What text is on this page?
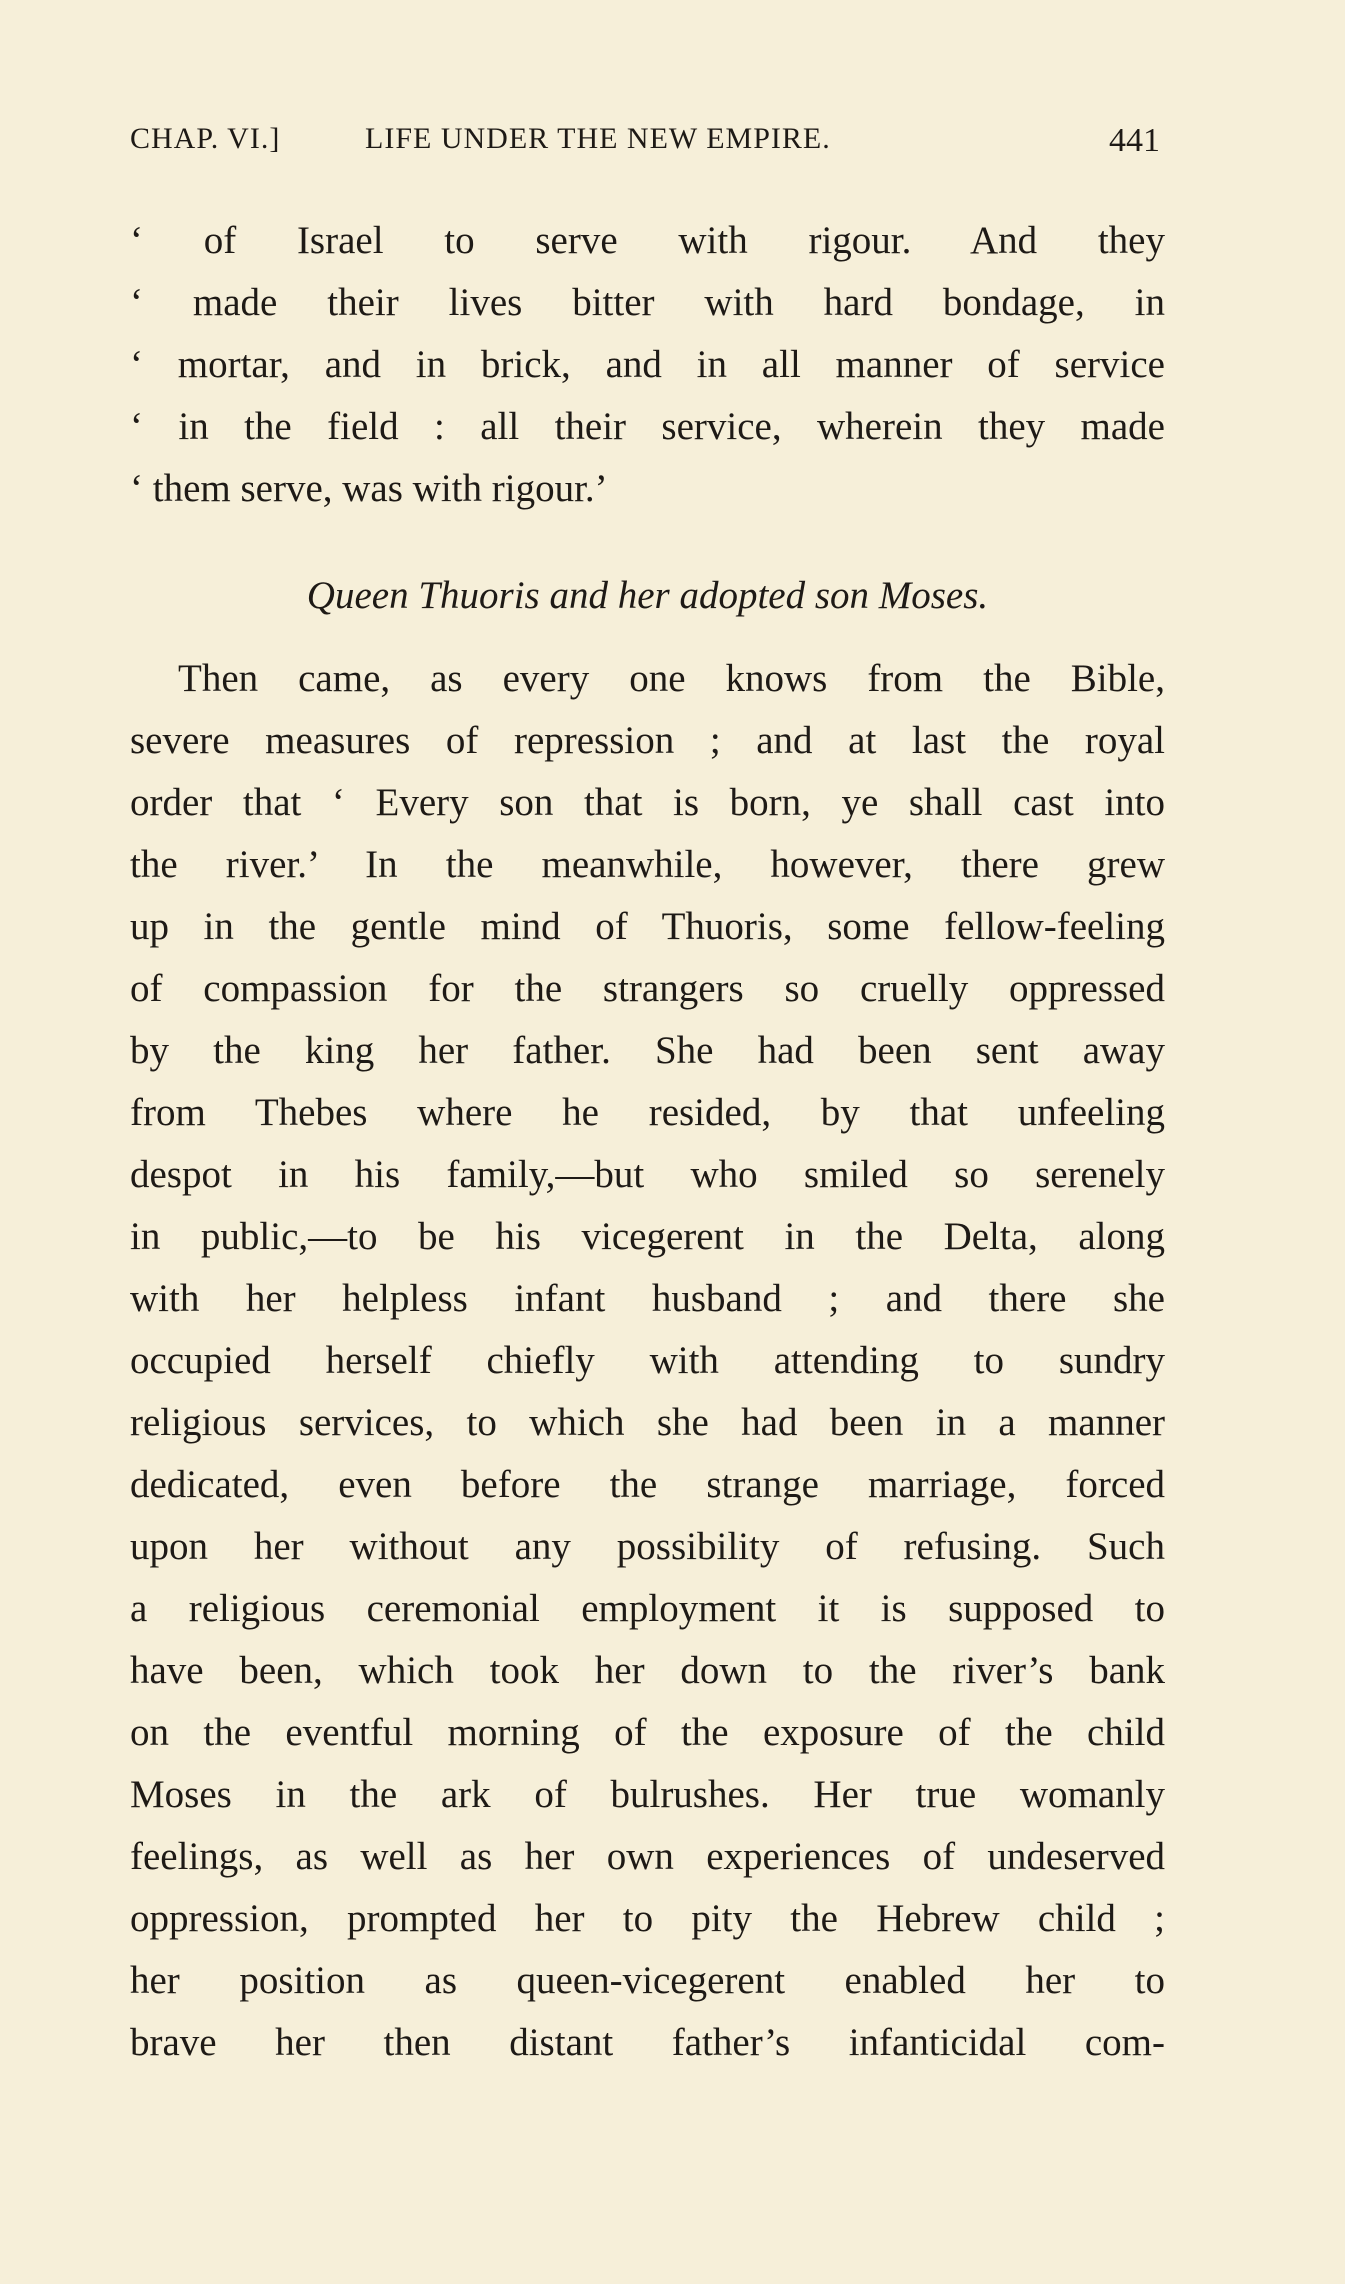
CHAP. VI.]	LIFE UNDER THE NEW EMPIRE.	441
‘ of Israel to serve with rigour. And they
‘ made their lives bitter with hard bondage, in
‘ mortar, and in brick, and in all manner of service
‘ in the field : all their service, wherein they made
‘ them serve, was with rigour.’
Queen Thuoris and her adopted son Moses.
Then came, as every one knows from the Bible,
severe measures of repression ; and at last the royal
order that ‘ Every son that is born, ye shall cast into
the river.’ In the meanwhile, however, there grew
up in the gentle mind of Thuoris, some fellow-feeling
of compassion for the strangers so cruelly oppressed
by the king her father. She had been sent away
from Thebes where he resided, by that unfeeling
despot in his family,—but who smiled so serenely
in public,—to be his vicegerent in the Delta, along
with her helpless infant husband ; and there she
occupied herself chiefly with attending to sundry
religious services, to which she had been in a manner
dedicated, even before the strange marriage, forced
upon her without any possibility of refusing. Such
a religious ceremonial employment it is supposed to
have been, which took her down to the river’s bank
on the eventful morning of the exposure of the child
Moses in the ark of bulrushes. Her true womanly
feelings, as well as her own experiences of undeserved
oppression, prompted her to pity the Hebrew child ;
her position as queen-vicegerent enabled her to
brave her then distant father’s infanticidal com-
